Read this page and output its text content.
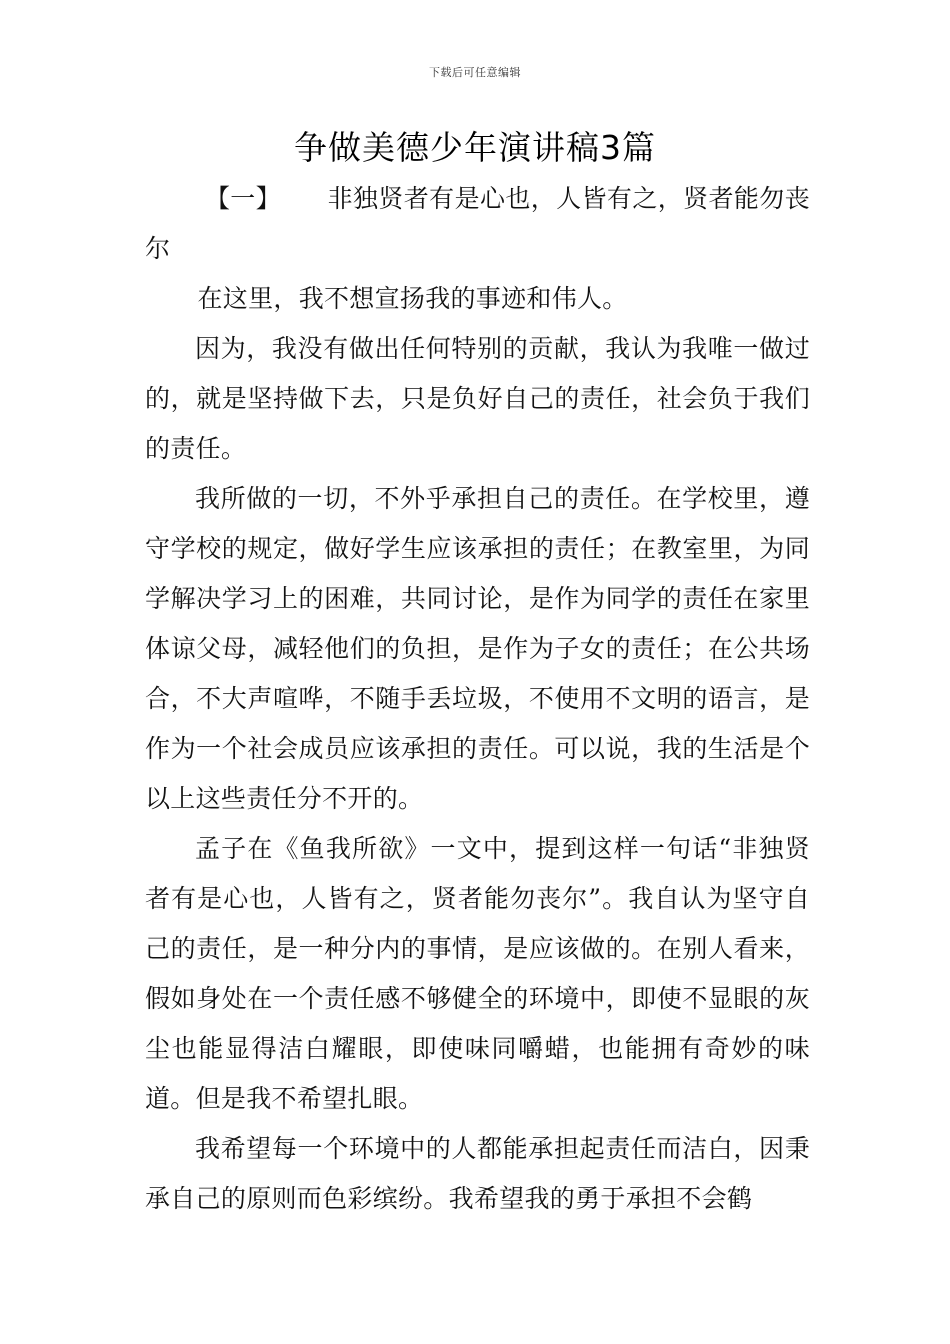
下载后可任意编辑
争做美德少年演讲稿3篇

【一】 非独贤者有是心也，人皆有之，贤者能勿丧尔

在这里，我不想宣扬我的事迹和伟人。

因为，我没有做出任何特别的贡献，我认为我唯一做过的，就是坚持做下去，只是负好自己的责任，社会负于我们的责任。

我所做的一切，不外乎承担自己的责任。在学校里，遵守学校的规定，做好学生应该承担的责任；在教室里，为同学解决学习上的困难，共同讨论，是作为同学的责任在家里体谅父母，减轻他们的负担，是作为子女的责任；在公共场合，不大声喧哗，不随手丢垃圾，不使用不文明的语言，是作为一个社会成员应该承担的责任。可以说，我的生活是个以上这些责任分不开的。

孟子在《鱼我所欲》一文中，提到这样一句话“非独贤者有是心也，人皆有之，贤者能勿丧尔”。我自认为坚守自己的责任，是一种分内的事情，是应该做的。在别人看来，假如身处在一个责任感不够健全的环境中，即使不显眼的灰尘也能显得洁白耀眼，即使味同嚼蜡，也能拥有奇妙的味道。但是我不希望扎眼。

我希望每一个环境中的人都能承担起责任而洁白，因秉承自己的原则而色彩缤纷。我希望我的勇于承担不会鹤
